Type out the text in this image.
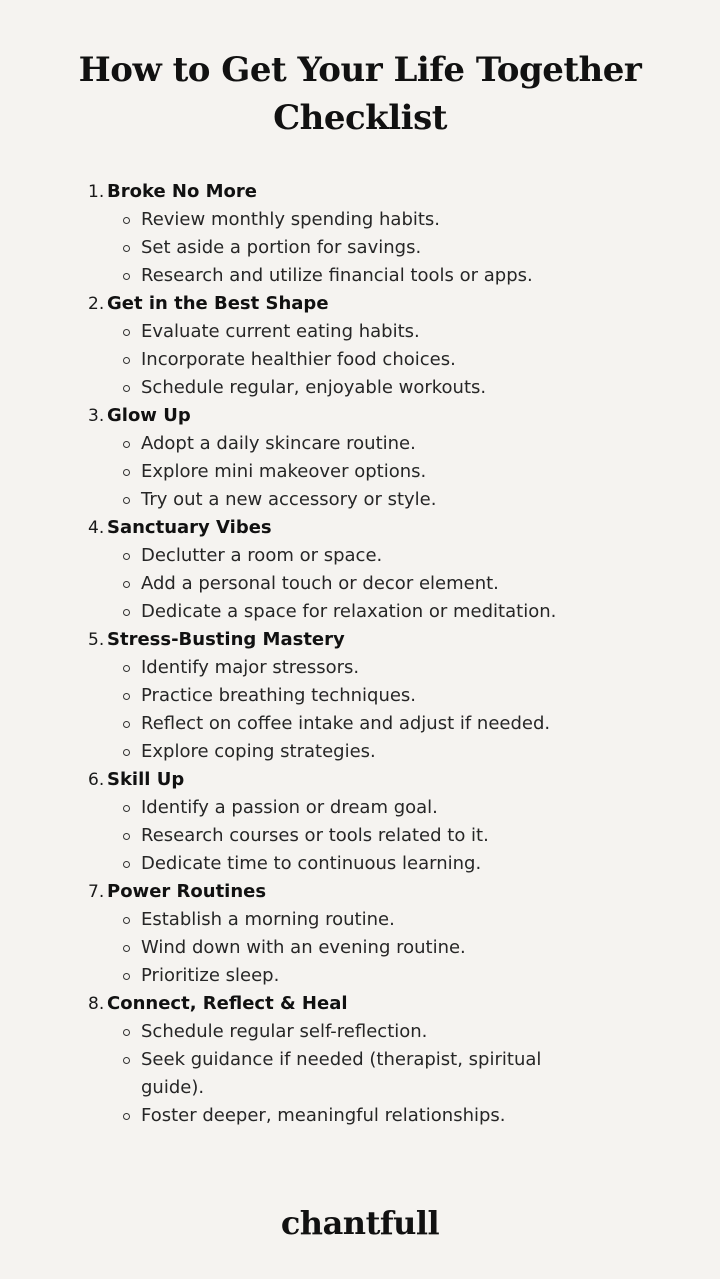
How to Get Your Life Together
Checklist
1. Broke No More
Review monthly spending habits.
Set aside a portion for savings.
Research and utilize financial tools or apps.
2. Get in the Best Shape
Evaluate current eating habits.
Incorporate healthier food choices.
Schedule regular, enjoyable workouts.
3. Glow Up
Adopt a daily skincare routine.
Explore mini makeover options.
Try out a new accessory or style.
4. Sanctuary Vibes
Declutter a room or space.
Add a personal touch or decor element.
Dedicate a space for relaxation or meditation.
5. Stress-Busting Mastery
Identify major stressors.
Practice breathing techniques.
Reflect on coffee intake and adjust if needed.
Explore coping strategies.
6. Skill Up
Identify a passion or dream goal.
Research courses or tools related to it.
Dedicate time to continuous learning.
7. Power Routines
Establish a morning routine.
Wind down with an evening routine.
Prioritize sleep.
8. Connect, Reflect & Heal
Schedule regular self-reflection.
Seek guidance if needed (therapist, spiritual guide).
Foster deeper, meaningful relationships.
chantfull
